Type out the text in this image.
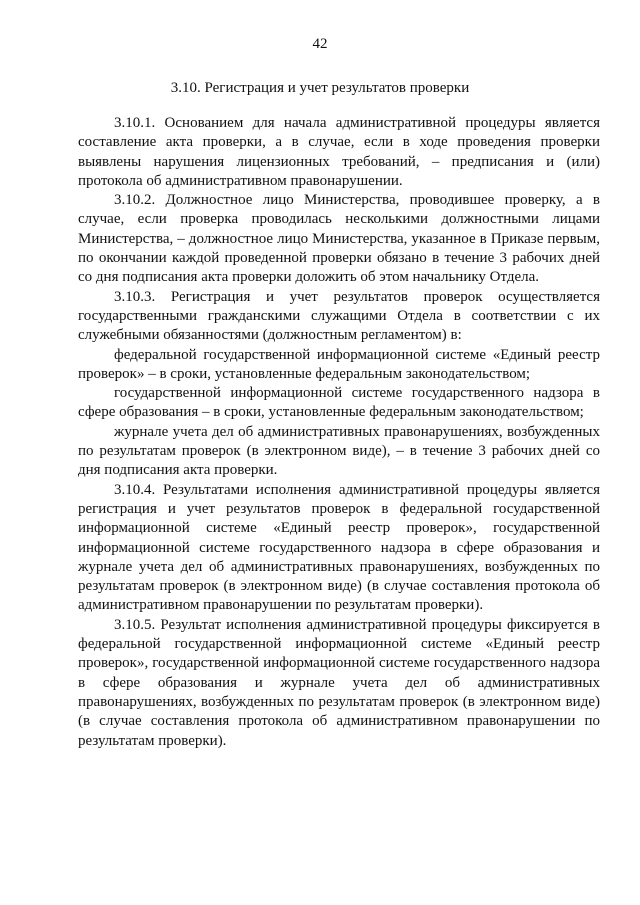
42
3.10. Регистрация и учет результатов проверки

3.10.1. Основанием для начала административной процедуры является составление акта проверки, а в случае, если в ходе проведения проверки выявлены нарушения лицензионных требований, – предписания и (или) протокола об административном правонарушении.

3.10.2. Должностное лицо Министерства, проводившее проверку, а в случае, если проверка проводилась несколькими должностными лицами Министерства, – должностное лицо Министерства, указанное в Приказе первым, по окончании каждой проведенной проверки обязано в течение 3 рабочих дней со дня подписания акта проверки доложить об этом начальнику Отдела.

3.10.3. Регистрация и учет результатов проверок осуществляется государственными гражданскими служащими Отдела в соответствии с их служебными обязанностями (должностным регламентом) в:

федеральной государственной информационной системе «Единый реестр проверок» – в сроки, установленные федеральным законодательством;

государственной информационной системе государственного надзора в сфере образования – в сроки, установленные федеральным законодательством;

журнале учета дел об административных правонарушениях, возбужденных по результатам проверок (в электронном виде), – в течение 3 рабочих дней со дня подписания акта проверки.

3.10.4. Результатами исполнения административной процедуры является регистрация и учет результатов проверок в федеральной государственной информационной системе «Единый реестр проверок», государственной информационной системе государственного надзора в сфере образования и журнале учета дел об административных правонарушениях, возбужденных по результатам проверок (в электронном виде) (в случае составления протокола об административном правонарушении по результатам проверки).

3.10.5. Результат исполнения административной процедуры фиксируется в федеральной государственной информационной системе «Единый реестр проверок», государственной информационной системе государственного надзора в сфере образования и журнале учета дел об административных правонарушениях, возбужденных по результатам проверок (в электронном виде) (в случае составления протокола об административном правонарушении по результатам проверки).
